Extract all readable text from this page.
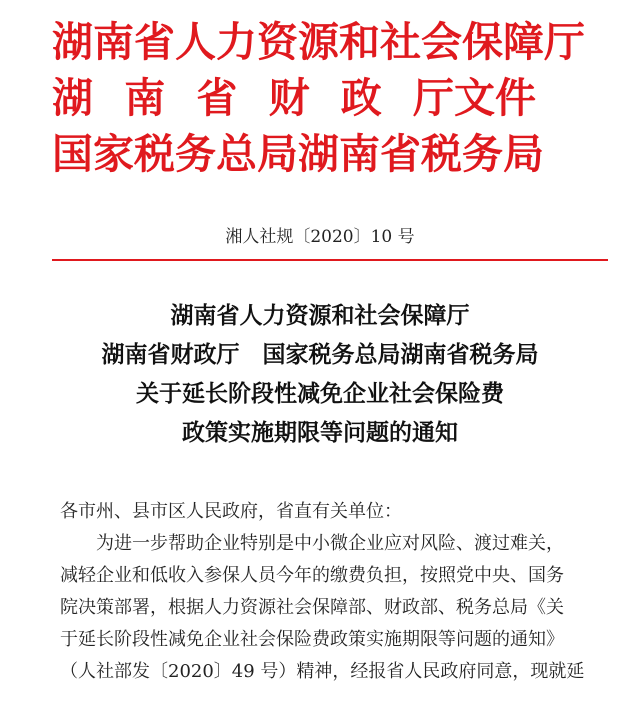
湖南省人力资源和社会保障厅
湖 南 省 财 政 厅 文件
国家税务总局湖南省税务局
湘人社规〔2020〕10 号
湖南省人力资源和社会保障厅
湖南省财政厅　国家税务总局湖南省税务局
关于延长阶段性减免企业社会保险费
政策实施期限等问题的通知
各市州、县市区人民政府，省直有关单位：
为进一步帮助企业特别是中小微企业应对风险、渡过难关，
减轻企业和低收入参保人员今年的缴费负担，按照党中央、国务
院决策部署，根据人力资源社会保障部、财政部、税务总局《关
于延长阶段性减免企业社会保险费政策实施期限等问题的通知》
（人社部发〔2020〕49 号）精神，经报省人民政府同意，现就延
